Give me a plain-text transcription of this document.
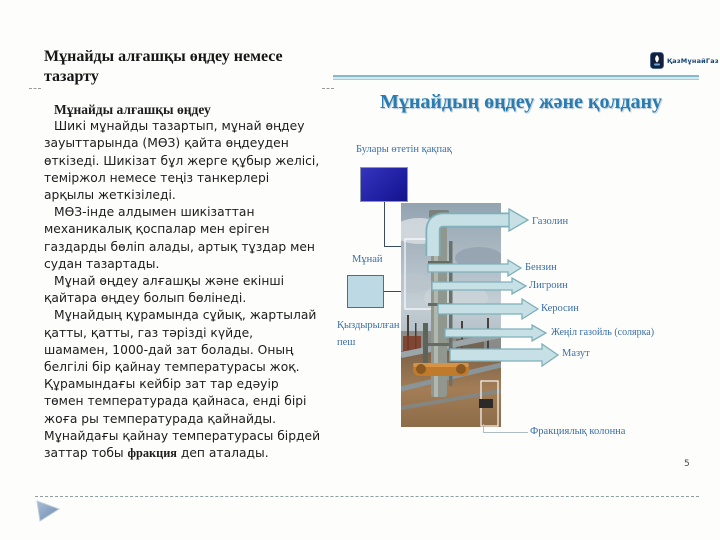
Мұнайды алғашқы өңдеу немесе тазарту
Мұнайды алғашқы өңдеу

Шикі мұнайды тазартып, мұнай өңдеу зауыттарында (МӨЗ) қайта өңдеуден өткізеді. Шикізат бұл жерге құбыр желісі, теміржол немесе теңіз танкерлері арқылы жеткізіледі.

МӨЗ-інде алдымен шикізаттан механикалық қоспалар мен еріген газдарды бөліп алады, артық тұздар мен судан тазартады.

Мұнай өңдеу алғашқы және екінші қайтара өңдеу болып бөлінеді.

Мұнайдың құрамында сұйық, жартылай қатты, қатты, газ тәрізді күйде, шамамен, 1000-дай зат болады. Оның белгілі бір қайнау температурасы жоқ. Құрамындағы кейбір зат тар едәуір төмен температурада қайнаса, енді бірі жоға ры температурада қайнайды. Мұнайдағы қайнау температурасы бірдей заттар тобы фракция деп аталады.

ҚазМұнайГаз
Мұнайдың өңдеу және қолдану
Булары өтетін қақпақ
Мұнай
Қыздырылған пеш
Газолин
Бензин
Лигроин
Керосин
Жеңіл газойль (солярка)
Мазут
Фракциялық колонна
5
